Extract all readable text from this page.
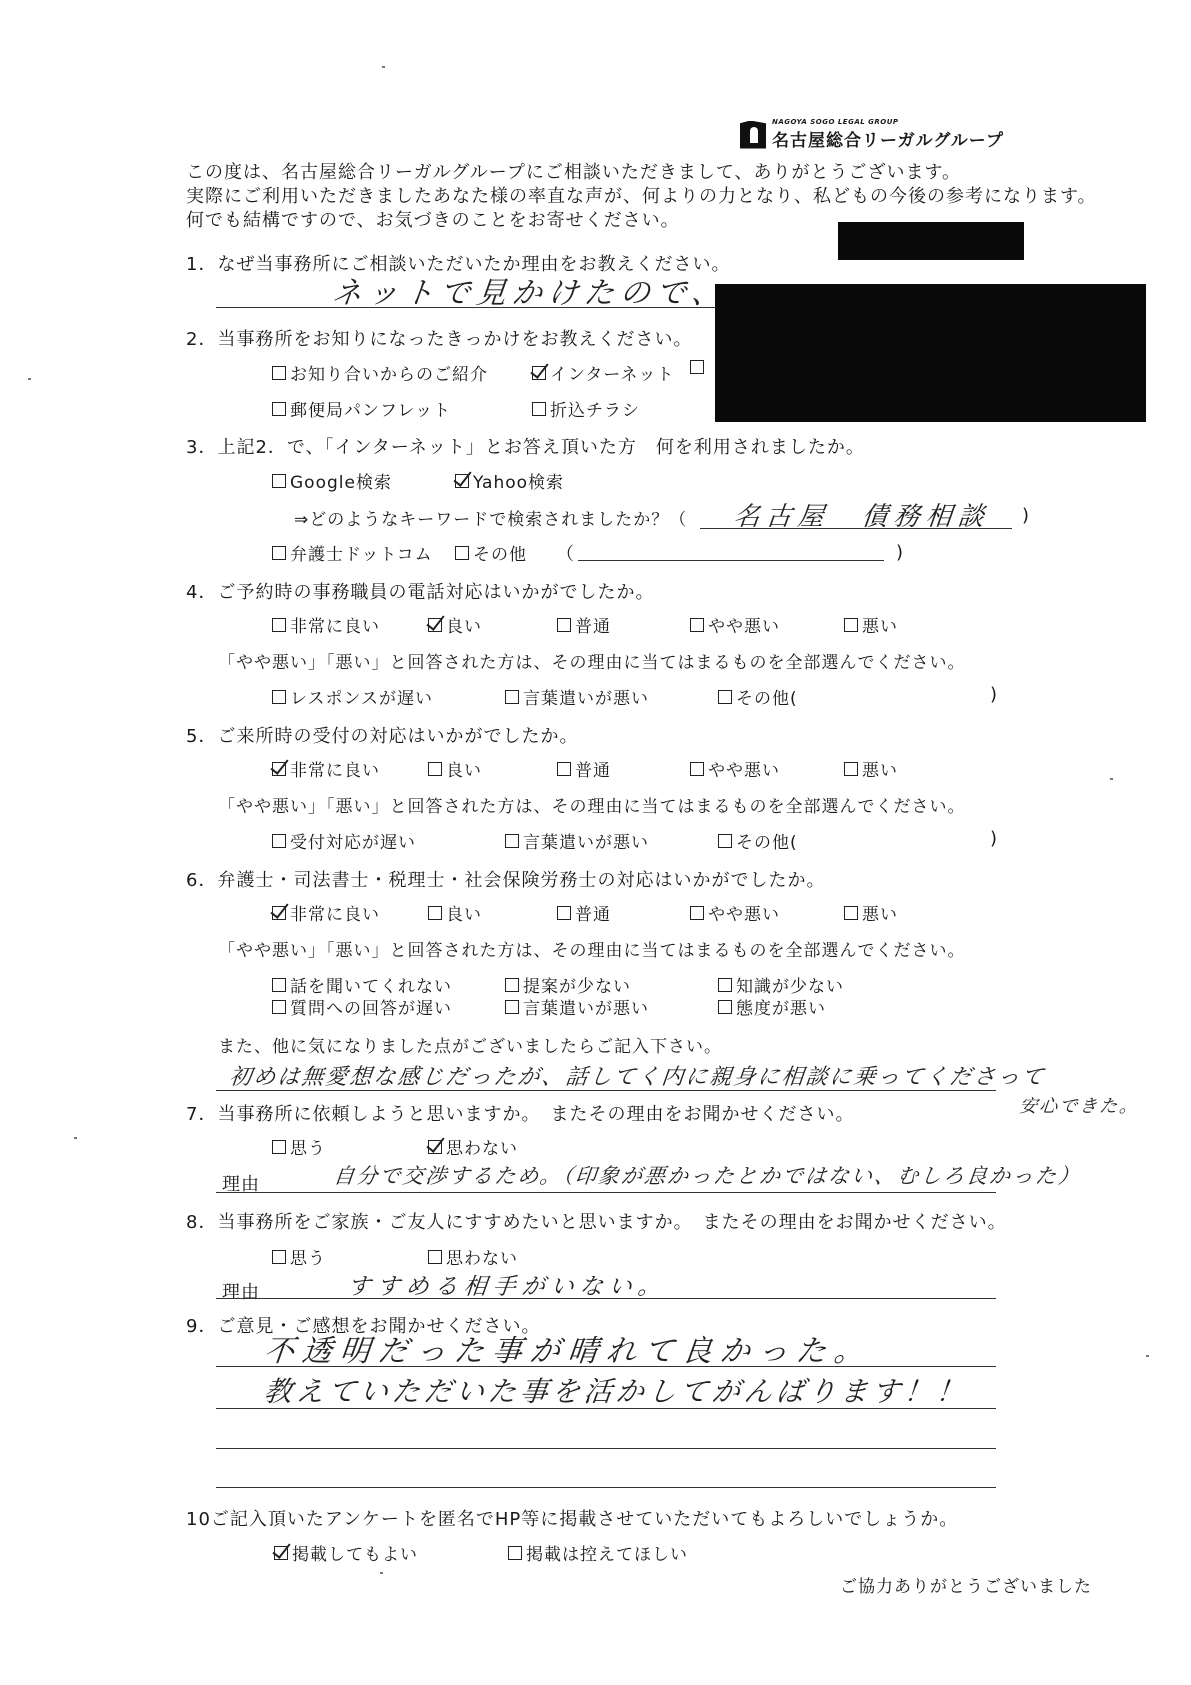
NAGOYA SOGO LEGAL GROUP
名古屋総合リーガルグループ
この度は、名古屋総合リーガルグループにご相談いただきまして、ありがとうございます。
実際にご利用いただきましたあなた様の率直な声が、何よりの力となり、私どもの今後の参考になります。
何でも結構ですので、お気づきのことをお寄せください。
1．なぜ当事務所にご相談いただいたか理由をお教えください。
ネットで見かけたので、
2．当事務所をお知りになったきっかけをお教えください。
お知り合いからのご紹介	インターネット
郵便局パンフレット	折込チラシ
3．上記2．で、「インターネット」とお答え頂いた方　何を利用されましたか。
Google検索	Yahoo検索
⇒どのようなキーワードで検索されましたか？（ 名古屋　債務相談 )
弁護士ドットコム その他 （	)
4．ご予約時の事務職員の電話対応はいかがでしたか。
非常に良い	良い	普通	やや悪い	悪い
「やや悪い」「悪い」と回答された方は、その理由に当てはまるものを全部選んでください。
レスポンスが遅い	言葉遣いが悪い	その他(	)
5．ご来所時の受付の対応はいかがでしたか。
非常に良い	良い	普通	やや悪い	悪い
「やや悪い」「悪い」と回答された方は、その理由に当てはまるものを全部選んでください。
受付対応が遅い	言葉遣いが悪い	その他(	)
6．弁護士・司法書士・税理士・社会保険労務士の対応はいかがでしたか。
非常に良い	良い	普通	やや悪い	悪い
「やや悪い」「悪い」と回答された方は、その理由に当てはまるものを全部選んでください。
話を聞いてくれない	提案が少ない	知識が少ない
質問への回答が遅い	言葉遣いが悪い	態度が悪い
また、他に気になりました点がございましたらご記入下さい。
初めは無愛想な感じだったが、話してく内に親身に相談に乗ってくださって
安心できた。
7．当事務所に依頼しようと思いますか。　またその理由をお聞かせください。
思う	思わない
理由	自分で交渉するため。（印象が悪かったとかではない、むしろ良かった）
8．当事務所をご家族・ご友人にすすめたいと思いますか。　またその理由をお聞かせください。
思う	思わない
理由	すすめる相手がいない。
9．ご意見・ご感想をお聞かせください。
不透明だった事が晴れて良かった。
教えていただいた事を活かしてがんばります！！
10ご記入頂いたアンケートを匿名でHP等に掲載させていただいてもよろしいでしょうか。
掲載してもよい	掲載は控えてほしい
ご協力ありがとうございました
